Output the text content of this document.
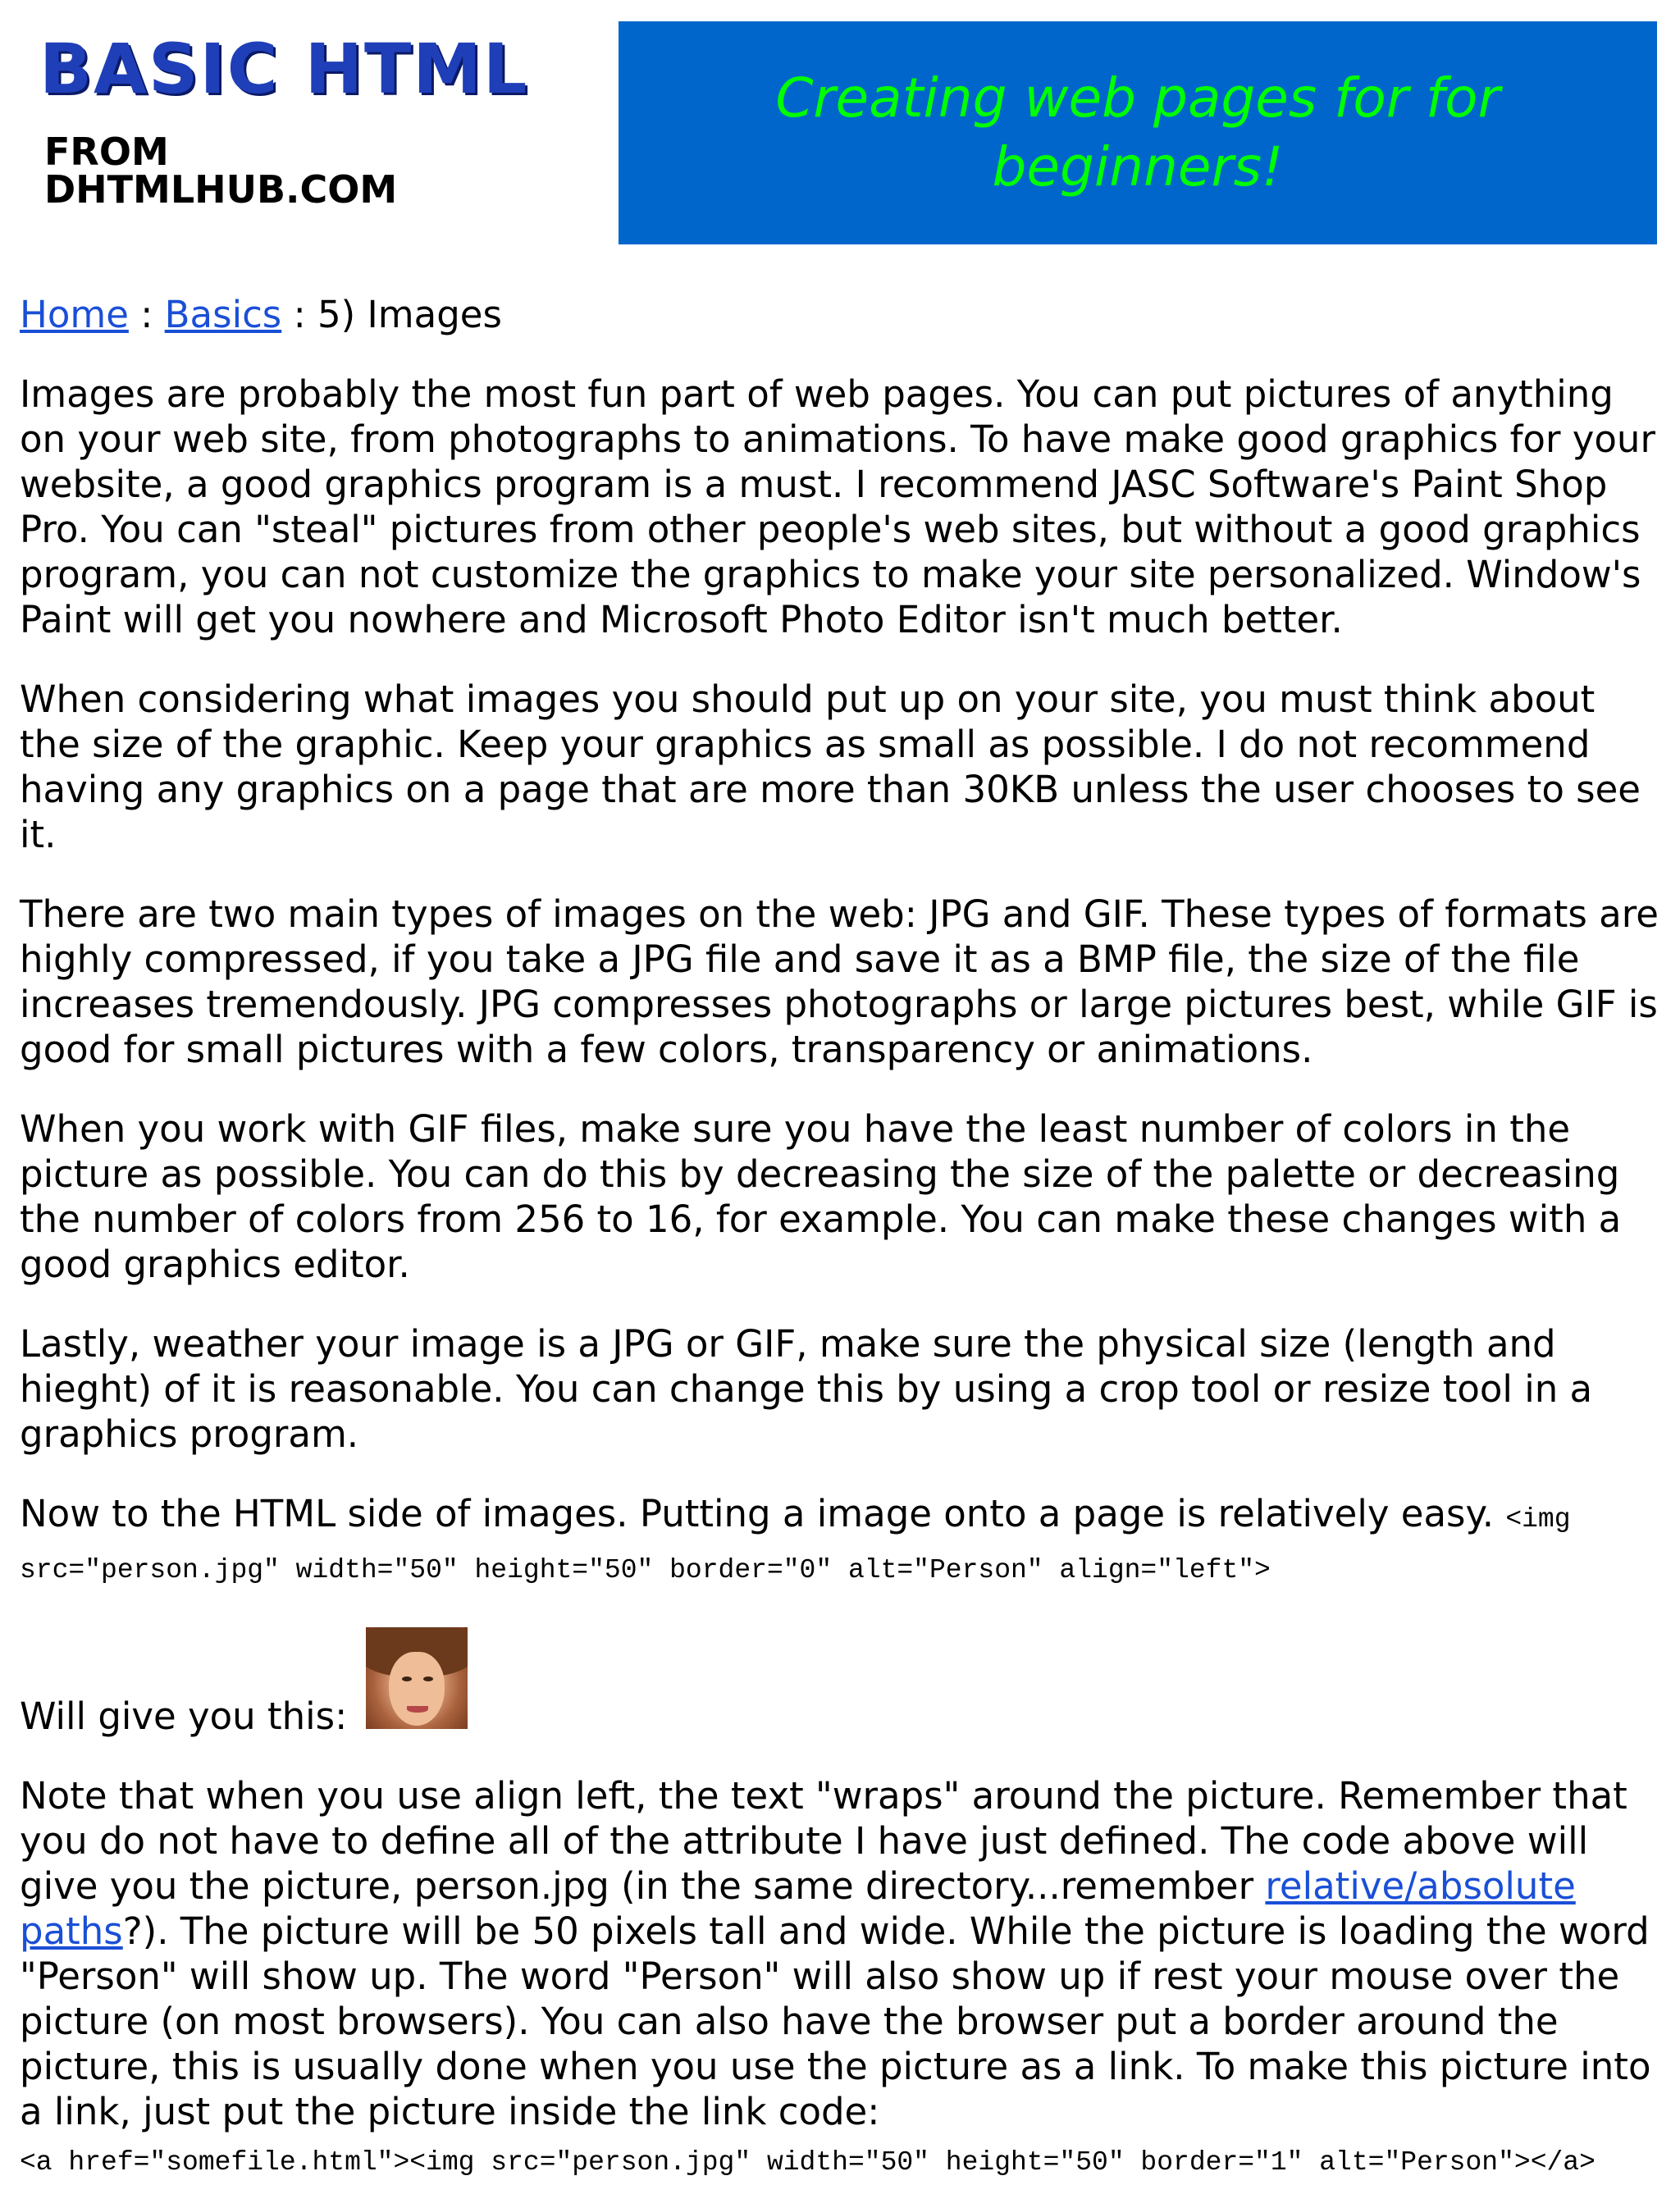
BASIC HTML
FROM DHTMLHUB.COM
Creating web pages for for beginners!
Home : Basics : 5) Images

Images are probably the most fun part of web pages. You can put pictures of anything on your web site, from photographs to animations. To have make good graphics for your website, a good graphics program is a must. I recommend JASC Software's Paint Shop Pro. You can "steal" pictures from other people's web sites, but without a good graphics program, you can not customize the graphics to make your site personalized. Window's Paint will get you nowhere and Microsoft Photo Editor isn't much better.

When considering what images you should put up on your site, you must think about the size of the graphic. Keep your graphics as small as possible. I do not recommend having any graphics on a page that are more than 30KB unless the user chooses to see it.

There are two main types of images on the web: JPG and GIF. These types of formats are highly compressed, if you take a JPG file and save it as a BMP file, the size of the file increases tremendously. JPG compresses photographs or large pictures best, while GIF is good for small pictures with a few colors, transparency or animations.

When you work with GIF files, make sure you have the least number of colors in the picture as possible. You can do this by decreasing the size of the palette or decreasing the number of colors from 256 to 16, for example. You can make these changes with a good graphics editor.

Lastly, weather your image is a JPG or GIF, make sure the physical size (length and hieght) of it is reasonable. You can change this by using a crop tool or resize tool in a graphics program.

Now to the HTML side of images. Putting a image onto a page is relatively easy. <img src="person.jpg" width="50" height="50" border="0" alt="Person" align="left">

Will give you this:

Note that when you use align left, the text "wraps" around the picture. Remember that you do not have to define all of the attribute I have just defined. The code above will give you the picture, person.jpg (in the same directory...remember relative/absolute paths?). The picture will be 50 pixels tall and wide. While the picture is loading the word "Person" will show up. The word "Person" will also show up if rest your mouse over the picture (on most browsers). You can also have the browser put a border around the picture, this is usually done when you use the picture as a link. To make this picture into a link, just put the picture inside the link code:
<a href="somefile.html"><img src="person.jpg" width="50" height="50" border="1" alt="Person"></a>
